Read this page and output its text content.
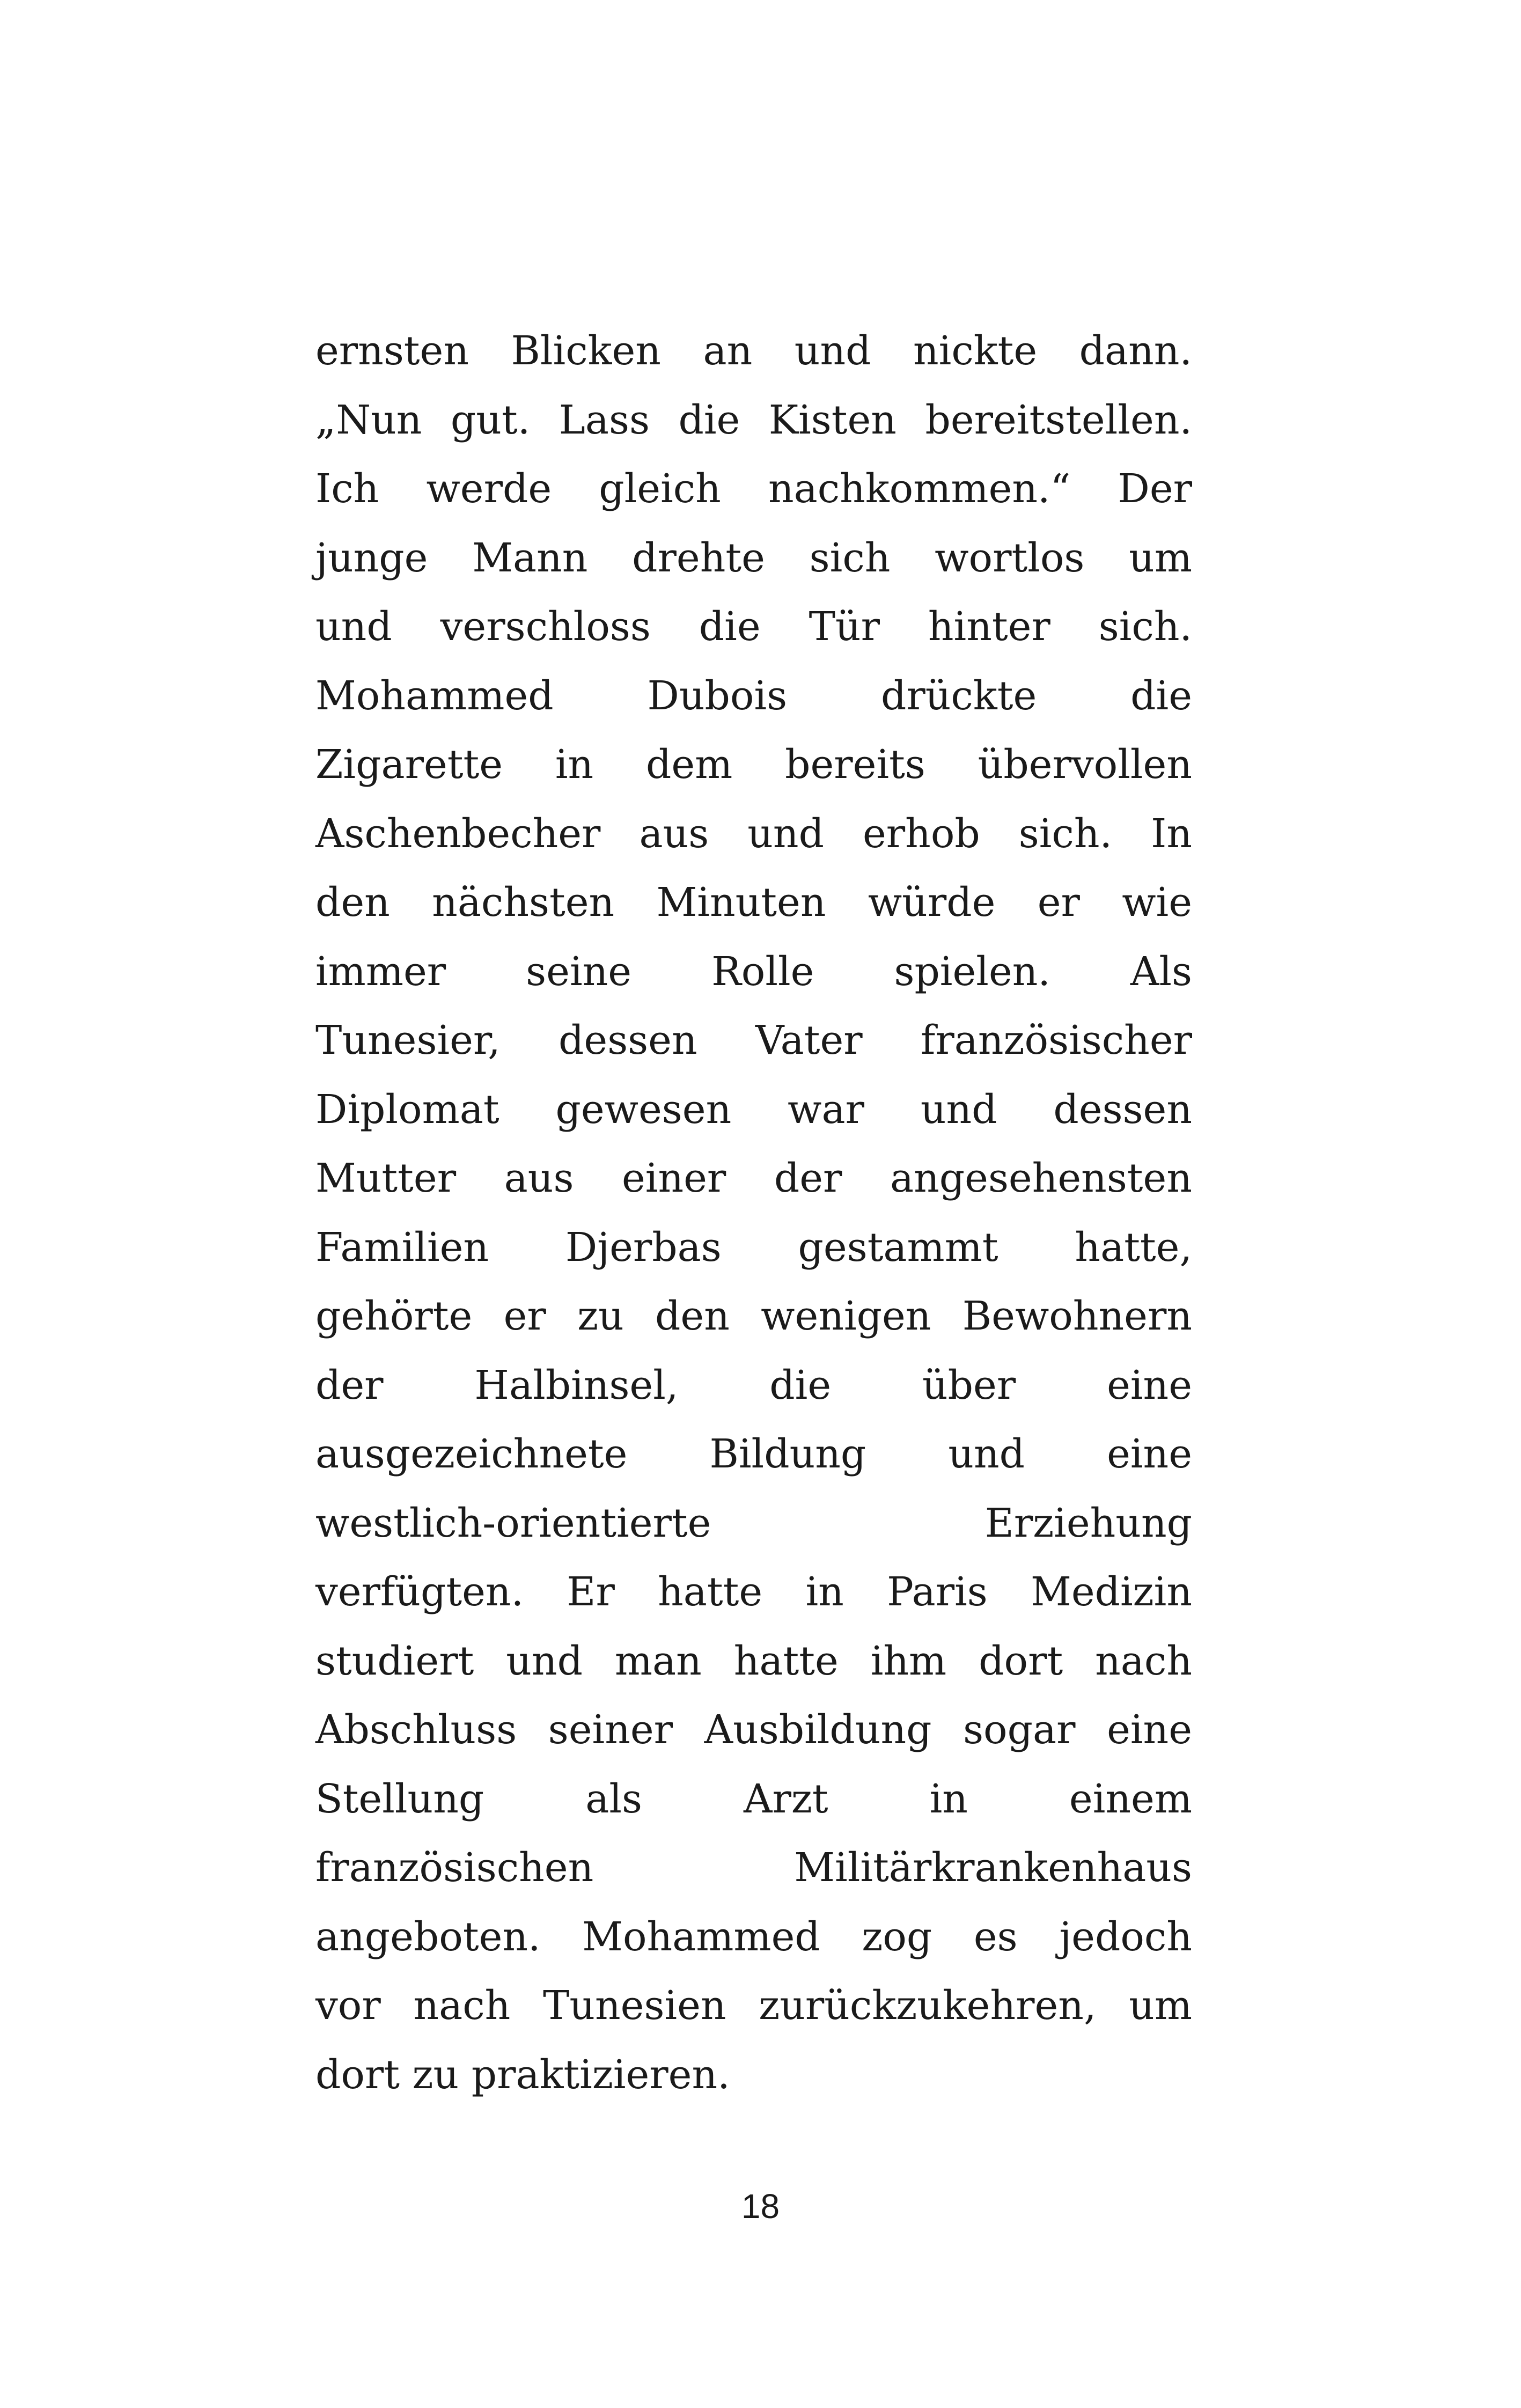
ernsten Blicken an und nickte dann.
„Nun gut. Lass die Kisten bereitstellen.
Ich werde gleich nachkommen.“ Der
junge Mann drehte sich wortlos um
und verschloss die Tür hinter sich.
Mohammed Dubois drückte die
Zigarette in dem bereits übervollen
Aschenbecher aus und erhob sich. In
den nächsten Minuten würde er wie
immer seine Rolle spielen. Als
Tunesier, dessen Vater französischer
Diplomat gewesen war und dessen
Mutter aus einer der angesehensten
Familien Djerbas gestammt hatte,
gehörte er zu den wenigen Bewohnern
der Halbinsel, die über eine
ausgezeichnete Bildung und eine
westlich-orientierte Erziehung
verfügten. Er hatte in Paris Medizin
studiert und man hatte ihm dort nach
Abschluss seiner Ausbildung sogar eine
Stellung als Arzt in einem
französischen Militärkrankenhaus
angeboten. Mohammed zog es jedoch
vor nach Tunesien zurückzukehren, um
dort zu praktizieren.
18
